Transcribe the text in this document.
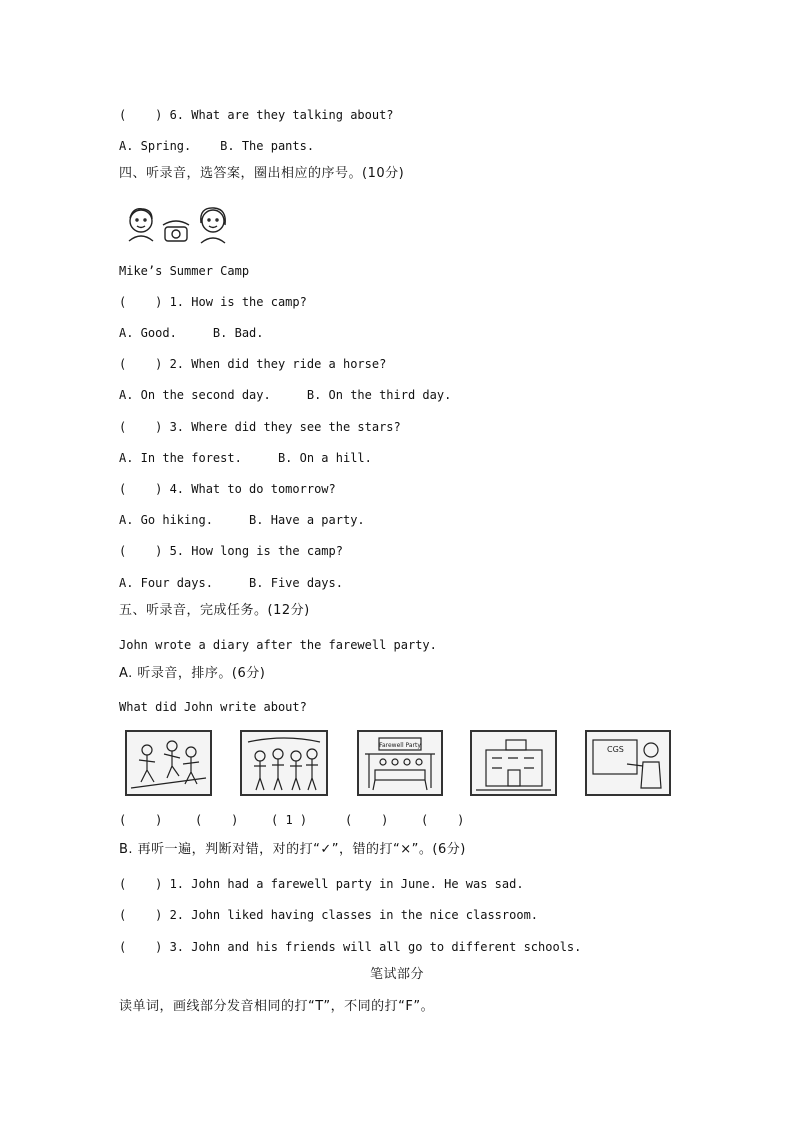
(    ) 6. What are they talking about?
A. Spring.    B. The pants.
四、听录音，选答案，圈出相应的序号。(10分)
Mike’s Summer Camp
(    ) 1. How is the camp?
A. Good.     B. Bad.
(    ) 2. When did they ride a horse?
A. On the second day.     B. On the third day.
(    ) 3. Where did they see the stars?
A. In the forest.     B. On a hill.
(    ) 4. What to do tomorrow?
A. Go hiking.     B. Have a party.
(    ) 5. How long is the camp?
A. Four days.     B. Five days.
五、听录音，完成任务。(12分)
John wrote a diary after the farewell party.
A. 听录音，排序。(6分)
What did John write about?
Farewell Party	CGS
(    )	(    )	( 1 )	(    )	(    )
B. 再听一遍，判断对错，对的打“✓”，错的打“×”。(6分)
(    ) 1. John had a farewell party in June. He was sad.
(    ) 2. John liked having classes in the nice classroom.
(    ) 3. John and his friends will all go to different schools.
笔试部分
读单词，画线部分发音相同的打“T”，不同的打“F”。
